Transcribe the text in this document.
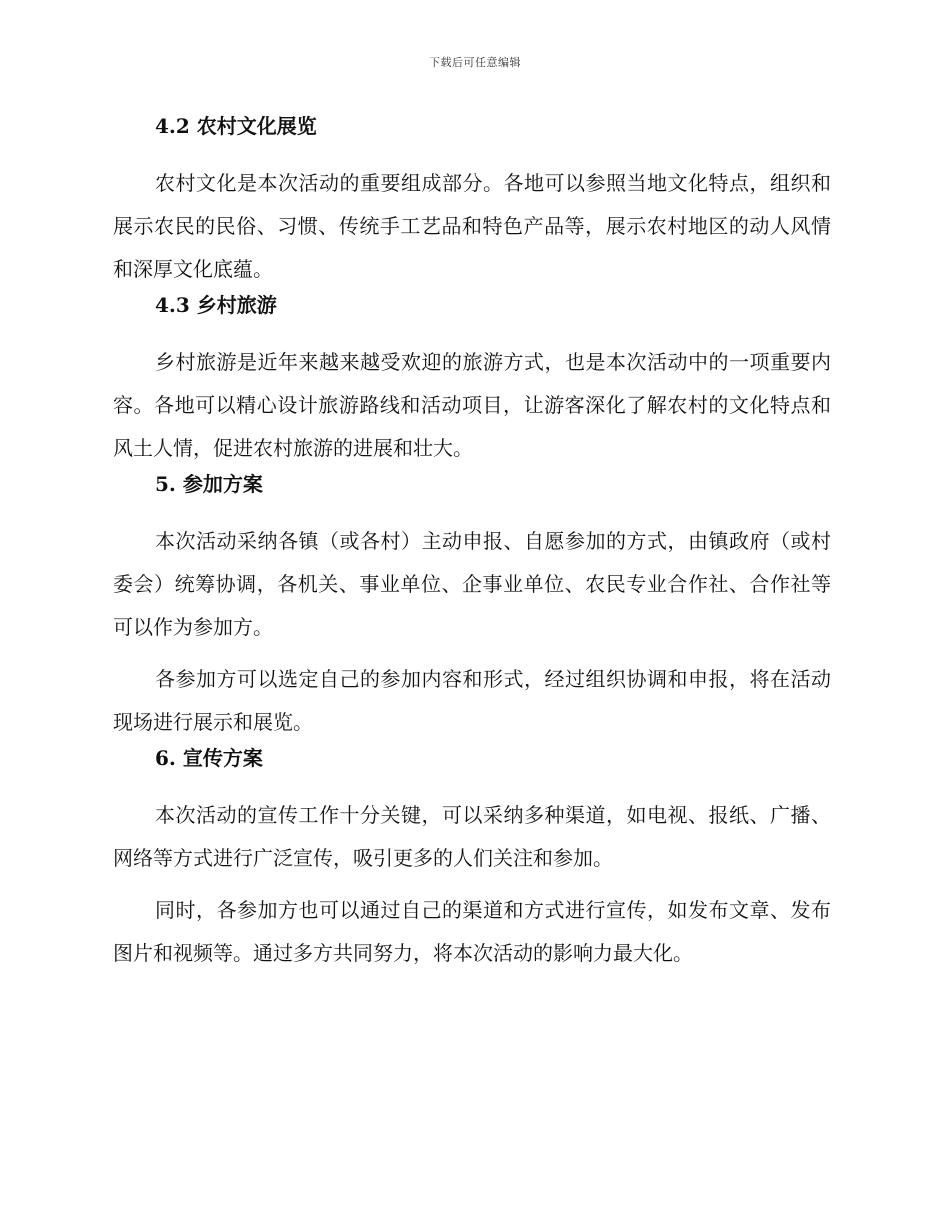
下载后可任意编辑

4.2 农村文化展览

农村文化是本次活动的重要组成部分。各地可以参照当地文化特点，组织和展示农民的民俗、习惯、传统手工艺品和特色产品等，展示农村地区的动人风情和深厚文化底蕴。

4.3 乡村旅游

乡村旅游是近年来越来越受欢迎的旅游方式，也是本次活动中的一项重要内容。各地可以精心设计旅游路线和活动项目，让游客深化了解农村的文化特点和风土人情，促进农村旅游的进展和壮大。

5. 参加方案

本次活动采纳各镇（或各村）主动申报、自愿参加的方式，由镇政府（或村委会）统筹协调，各机关、事业单位、企事业单位、农民专业合作社、合作社等可以作为参加方。

各参加方可以选定自己的参加内容和形式，经过组织协调和申报，将在活动现场进行展示和展览。

6. 宣传方案

本次活动的宣传工作十分关键，可以采纳多种渠道，如电视、报纸、广播、网络等方式进行广泛宣传，吸引更多的人们关注和参加。

同时，各参加方也可以通过自己的渠道和方式进行宣传，如发布文章、发布图片和视频等。通过多方共同努力，将本次活动的影响力最大化。
